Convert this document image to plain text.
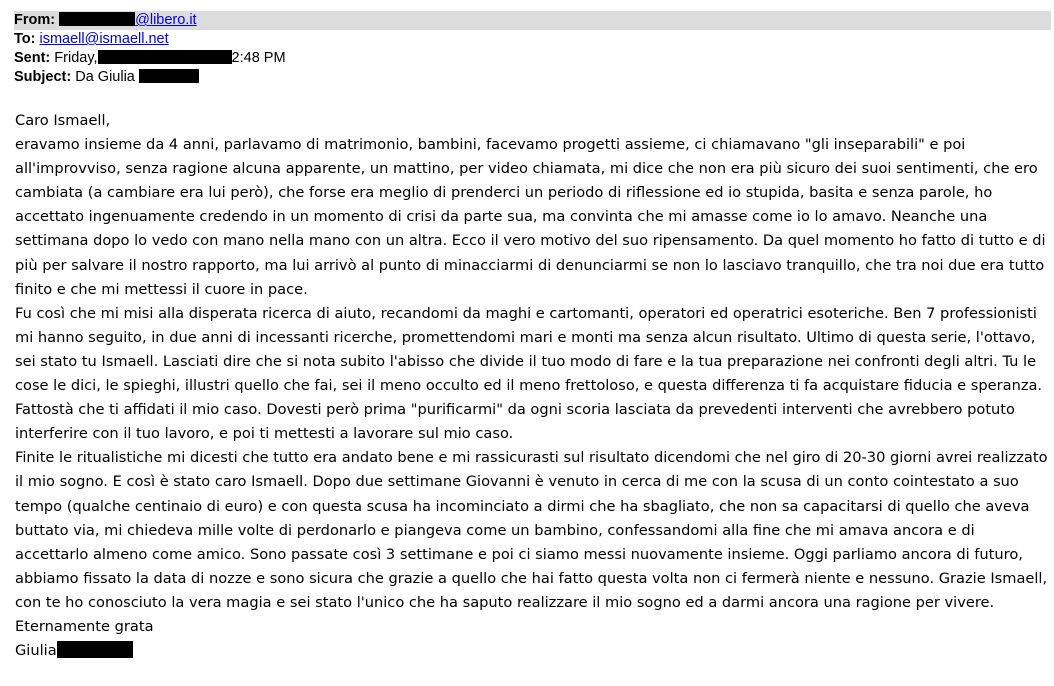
From:	@libero.it
To: ismaell@ismaell.net
Sent: Friday,	2:48 PM
Subject: Da Giulia

Caro Ismaell,

eravamo insieme da 4 anni, parlavamo di matrimonio, bambini, facevamo progetti assieme, ci chiamavano "gli inseparabili" e poi all'improvviso, senza ragione alcuna apparente, un mattino, per video chiamata, mi dice che non era più sicuro dei suoi sentimenti, che ero cambiata (a cambiare era lui però), che forse era meglio di prenderci un periodo di riflessione ed io stupida, basita e senza parole, ho accettato ingenuamente credendo in un momento di crisi da parte sua, ma convinta che mi amasse come io lo amavo. Neanche una settimana dopo lo vedo con mano nella mano con un altra. Ecco il vero motivo del suo ripensamento. Da quel momento ho fatto di tutto e di più per salvare il nostro rapporto, ma lui arrivò al punto di minacciarmi di denunciarmi se non lo lasciavo tranquillo, che tra noi due era tutto finito e che mi mettessi il cuore in pace.

Fu così che mi misi alla disperata ricerca di aiuto, recandomi da maghi e cartomanti, operatori ed operatrici esoteriche. Ben 7 professionisti mi hanno seguito, in due anni di incessanti ricerche, promettendomi mari e monti ma senza alcun risultato. Ultimo di questa serie, l'ottavo, sei stato tu Ismaell. Lasciati dire che si nota subito l'abisso che divide il tuo modo di fare e la tua preparazione nei confronti degli altri. Tu le cose le dici, le spieghi, illustri quello che fai, sei il meno occulto ed il meno frettoloso, e questa differenza ti fa acquistare fiducia e speranza. Fattostà che ti affidati il mio caso. Dovesti però prima "purificarmi" da ogni scoria lasciata da prevedenti interventi che avrebbero potuto interferire con il tuo lavoro, e poi ti mettesti a lavorare sul mio caso.

Finite le ritualistiche mi dicesti che tutto era andato bene e mi rassicurasti sul risultato dicendomi che nel giro di 20-30 giorni avrei realizzato il mio sogno. E così è stato caro Ismaell. Dopo due settimane Giovanni è venuto in cerca di me con la scusa di un conto cointestato a suo tempo (qualche centinaio di euro) e con questa scusa ha incominciato a dirmi che ha sbagliato, che non sa capacitarsi di quello che aveva buttato via, mi chiedeva mille volte di perdonarlo e piangeva come un bambino, confessandomi alla fine che mi amava ancora e di accettarlo almeno come amico. Sono passate così 3 settimane e poi ci siamo messi nuovamente insieme. Oggi parliamo ancora di futuro, abbiamo fissato la data di nozze e sono sicura che grazie a quello che hai fatto questa volta non ci fermerà niente e nessuno. Grazie Ismaell, con te ho conosciuto la vera magia e sei stato l'unico che ha saputo realizzare il mio sogno ed a darmi ancora una ragione per vivere. Eternamente grata

Giulia
